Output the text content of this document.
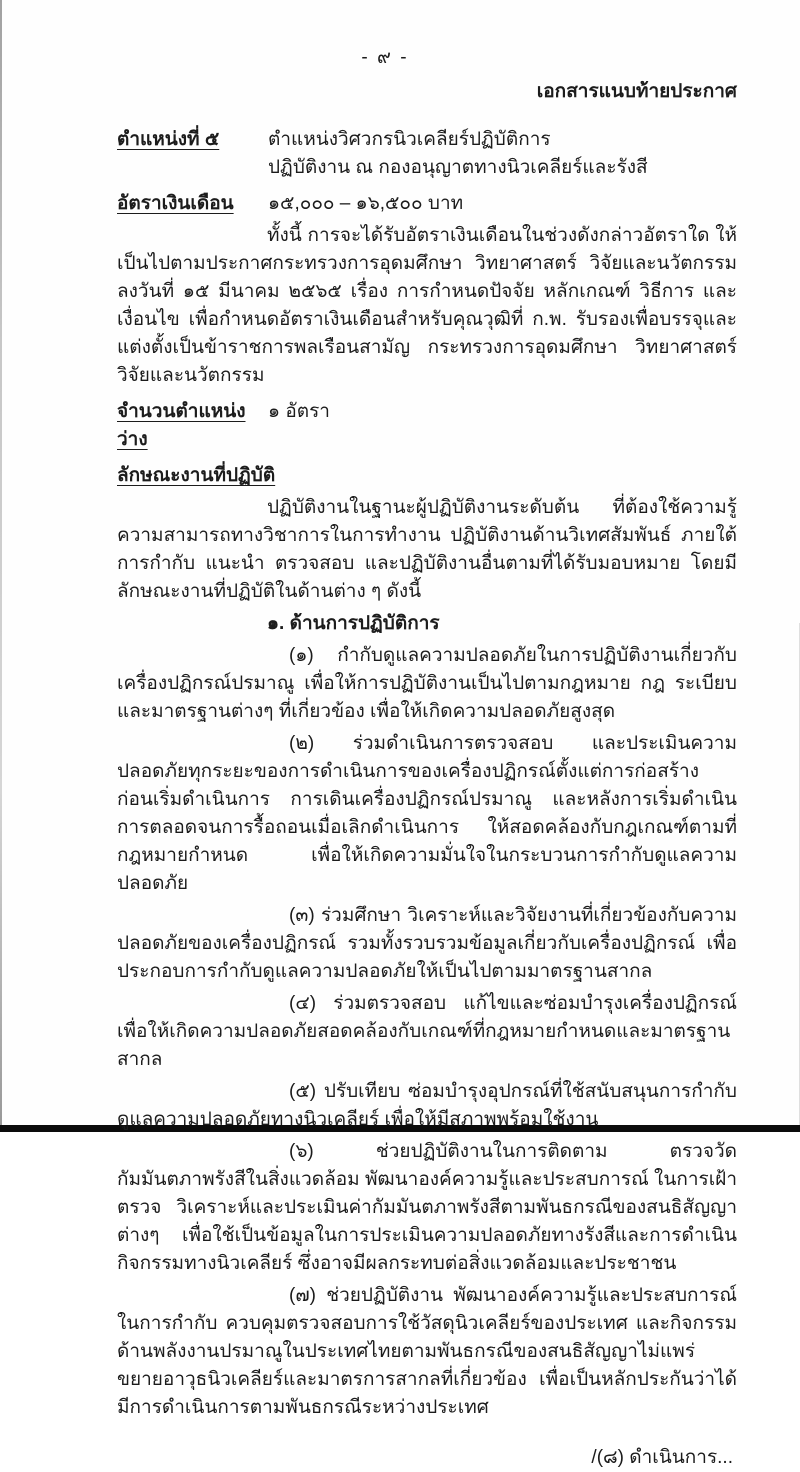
- ๙ -
เอกสารแนบท้ายประกาศ
ตำแหน่งที่ ๕	ตำแหน่งวิศวกรนิวเคลียร์ปฏิบัติการ
ปฏิบัติงาน ณ กองอนุญาตทางนิวเคลียร์และรังสี
อัตราเงินเดือน	๑๕,๐๐๐ – ๑๖,๕๐๐ บาท

ทั้งนี้ การจะได้รับอัตราเงินเดือนในช่วงดังกล่าวอัตราใด ให้เป็นไปตามประกาศกระทรวงการอุดมศึกษา วิทยาศาสตร์ วิจัยและนวัตกรรม ลงวันที่ ๑๕ มีนาคม ๒๕๖๕ เรื่อง การกำหนดปัจจัย หลักเกณฑ์ วิธีการ และเงื่อนไข เพื่อกำหนดอัตราเงินเดือนสำหรับคุณวุฒิที่ ก.พ. รับรองเพื่อบรรจุและแต่งตั้งเป็นข้าราชการพลเรือนสามัญ กระทรวงการอุดมศึกษา วิทยาศาสตร์ วิจัยและนวัตกรรม

จำนวนตำแหน่งว่าง
๑ อัตรา
ลักษณะงานที่ปฏิบัติ

ปฏิบัติงานในฐานะผู้ปฏิบัติงานระดับต้น ที่ต้องใช้ความรู้ ความสามารถทางวิชาการในการทำงาน ปฏิบัติงานด้านวิเทศสัมพันธ์ ภายใต้การกำกับ แนะนำ ตรวจสอบ และปฏิบัติงานอื่นตามที่ได้รับมอบหมาย โดยมีลักษณะงานที่ปฏิบัติในด้านต่าง ๆ ดังนี้

๑. ด้านการปฏิบัติการ

(๑) กำกับดูแลความปลอดภัยในการปฏิบัติงานเกี่ยวกับเครื่องปฏิกรณ์ปรมาณู เพื่อให้การปฏิบัติงานเป็นไปตามกฎหมาย กฎ ระเบียบ และมาตรฐานต่างๆ ที่เกี่ยวข้อง เพื่อให้เกิดความปลอดภัยสูงสุด

(๒) ร่วมดำเนินการตรวจสอบ และประเมินความปลอดภัยทุกระยะของการดำเนินการของเครื่องปฏิกรณ์ตั้งแต่การก่อสร้าง ก่อนเริ่มดำเนินการ การเดินเครื่องปฏิกรณ์ปรมาณู และหลังการเริ่มดำเนินการตลอดจนการรื้อถอนเมื่อเลิกดำเนินการ ให้สอดคล้องกับกฎเกณฑ์ตามที่กฎหมายกำหนด เพื่อให้เกิดความมั่นใจในกระบวนการกำกับดูแลความปลอดภัย

(๓) ร่วมศึกษา วิเคราะห์และวิจัยงานที่เกี่ยวข้องกับความปลอดภัยของเครื่องปฏิกรณ์ รวมทั้งรวบรวมข้อมูลเกี่ยวกับเครื่องปฏิกรณ์ เพื่อประกอบการกำกับดูแลความปลอดภัยให้เป็นไปตามมาตรฐานสากล

(๔) ร่วมตรวจสอบ แก้ไขและซ่อมบำรุงเครื่องปฏิกรณ์ เพื่อให้เกิดความปลอดภัยสอดคล้องกับเกณฑ์ที่กฎหมายกำหนดและมาตรฐานสากล

(๕) ปรับเทียบ ซ่อมบำรุงอุปกรณ์ที่ใช้สนับสนุนการกำกับดูแลความปลอดภัยทางนิวเคลียร์ เพื่อให้มีสภาพพร้อมใช้งาน

(๖)	ช่วยปฏิบัติงานในการติดตาม ตรวจวัดกัมมันตภาพรังสีในสิ่งแวดล้อม พัฒนาองค์ความรู้และประสบการณ์ ในการเฝ้าตรวจ วิเคราะห์และประเมินค่ากัมมันตภาพรังสีตามพันธกรณีของสนธิสัญญาต่างๆ เพื่อใช้เป็นข้อมูลในการประเมินความปลอดภัยทางรังสีและการดำเนินกิจกรรมทางนิวเคลียร์ ซึ่งอาจมีผลกระทบต่อสิ่งแวดล้อมและประชาชน

(๗) ช่วยปฏิบัติงาน พัฒนาองค์ความรู้และประสบการณ์ ในการกำกับ ควบคุมตรวจสอบการใช้วัสดุนิวเคลียร์ของประเทศ และกิจกรรมด้านพลังงานปรมาณูในประเทศไทยตามพันธกรณีของสนธิสัญญาไม่แพร่ขยายอาวุธนิวเคลียร์และมาตรการสากลที่เกี่ยวข้อง เพื่อเป็นหลักประกันว่าได้มีการดำเนินการตามพันธกรณีระหว่างประเทศ

/(๘) ดำเนินการ...
